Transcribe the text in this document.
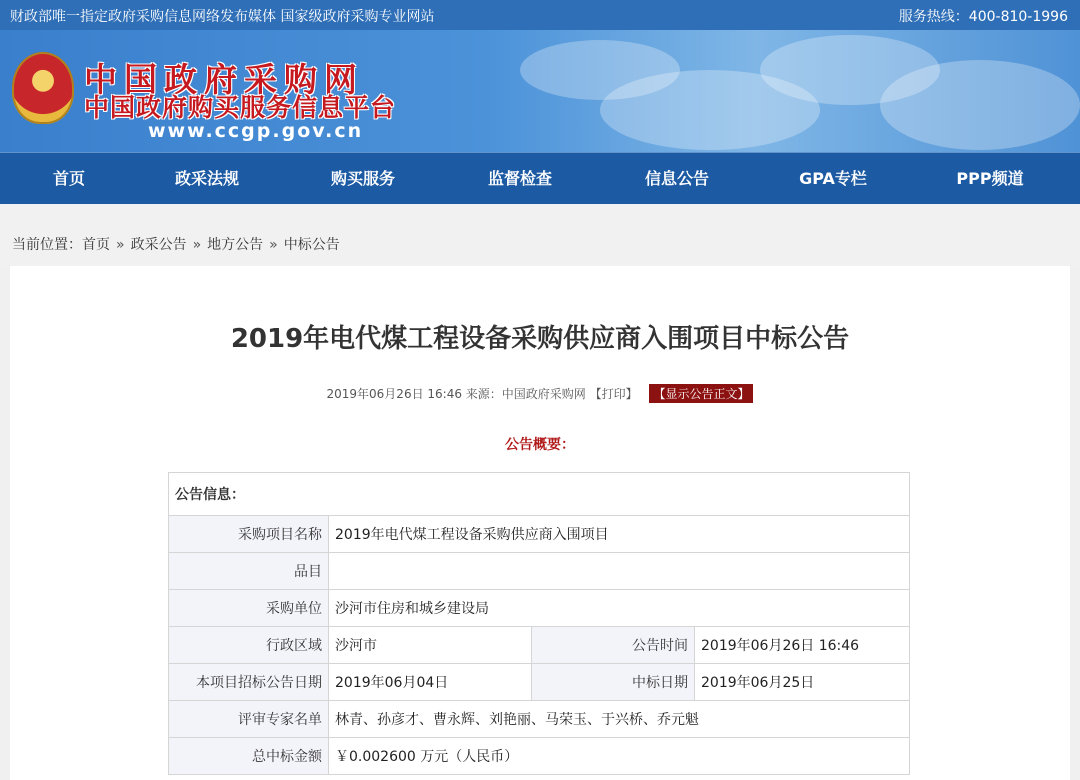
财政部唯一指定政府采购信息网络发布媒体 国家级政府采购专业网站	服务热线：400-810-1996
中国政府采购网
中国政府购买服务信息平台
www.ccgp.gov.cn
首页	政采法规	购买服务	监督检查	信息公告	GPA专栏	PPP频道
当前位置：首页 » 政采公告 » 地方公告 » 中标公告
2019年电代煤工程设备采购供应商入围项目中标公告
2019年06月26日 16:46 来源：中国政府采购网 【打印】 【显示公告正文】
公告概要：
公告信息：			
采购项目名称	2019年电代煤工程设备采购供应商入围项目		
品目			
采购单位	沙河市住房和城乡建设局		
行政区域	沙河市	公告时间	2019年06月26日 16:46
本项目招标公告日期	2019年06月04日	中标日期	2019年06月25日
评审专家名单	林青、孙彦才、曹永辉、刘艳丽、马荣玉、于兴桥、乔元魁		
总中标金额	￥0.002600 万元（人民币）		
